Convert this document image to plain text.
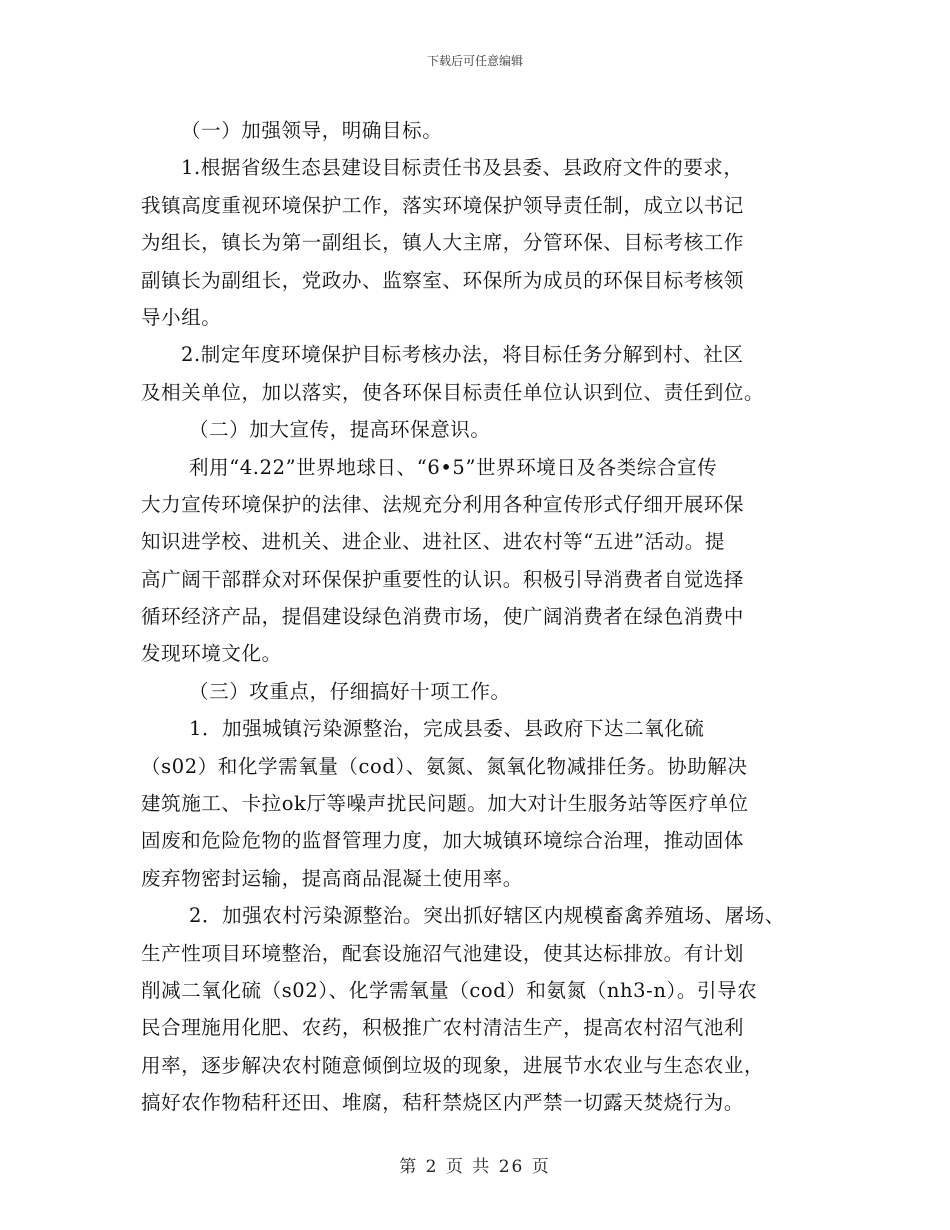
下载后可任意编辑
（一）加强领导，明确目标。
1.根据省级生态县建设目标责任书及县委、县政府文件的要求，
我镇高度重视环境保护工作，落实环境保护领导责任制，成立以书记
为组长，镇长为第一副组长，镇人大主席，分管环保、目标考核工作
副镇长为副组长，党政办、监察室、环保所为成员的环保目标考核领
导小组。
2.制定年度环境保护目标考核办法，将目标任务分解到村、社区
及相关单位，加以落实，使各环保目标责任单位认识到位、责任到位。
（二）加大宣传，提高环保意识。
利用“4.22”世界地球日、“6•5”世界环境日及各类综合宣传
大力宣传环境保护的法律、法规充分利用各种宣传形式仔细开展环保
知识进学校、进机关、进企业、进社区、进农村等“五进”活动。提
高广阔干部群众对环保保护重要性的认识。积极引导消费者自觉选择
循环经济产品，提倡建设绿色消费市场，使广阔消费者在绿色消费中
发现环境文化。
（三）攻重点，仔细搞好十项工作。
1．加强城镇污染源整治，完成县委、县政府下达二氧化硫
（s02）和化学需氧量（cod）、氨氮、氮氧化物减排任务。协助解决
建筑施工、卡拉ok厅等噪声扰民问题。加大对计生服务站等医疗单位
固废和危险危物的监督管理力度，加大城镇环境综合治理，推动固体
废弃物密封运输，提高商品混凝土使用率。
2．加强农村污染源整治。突出抓好辖区内规模畜禽养殖场、屠场、
生产性项目环境整治，配套设施沼气池建设，使其达标排放。有计划
削减二氧化硫（s02）、化学需氧量（cod）和氨氮（nh3-n）。引导农
民合理施用化肥、农药，积极推广农村清洁生产，提高农村沼气池利
用率，逐步解决农村随意倾倒垃圾的现象，进展节水农业与生态农业，
搞好农作物秸秆还田、堆腐，秸秆禁烧区内严禁一切露天焚烧行为。
第 2 页 共 26 页
